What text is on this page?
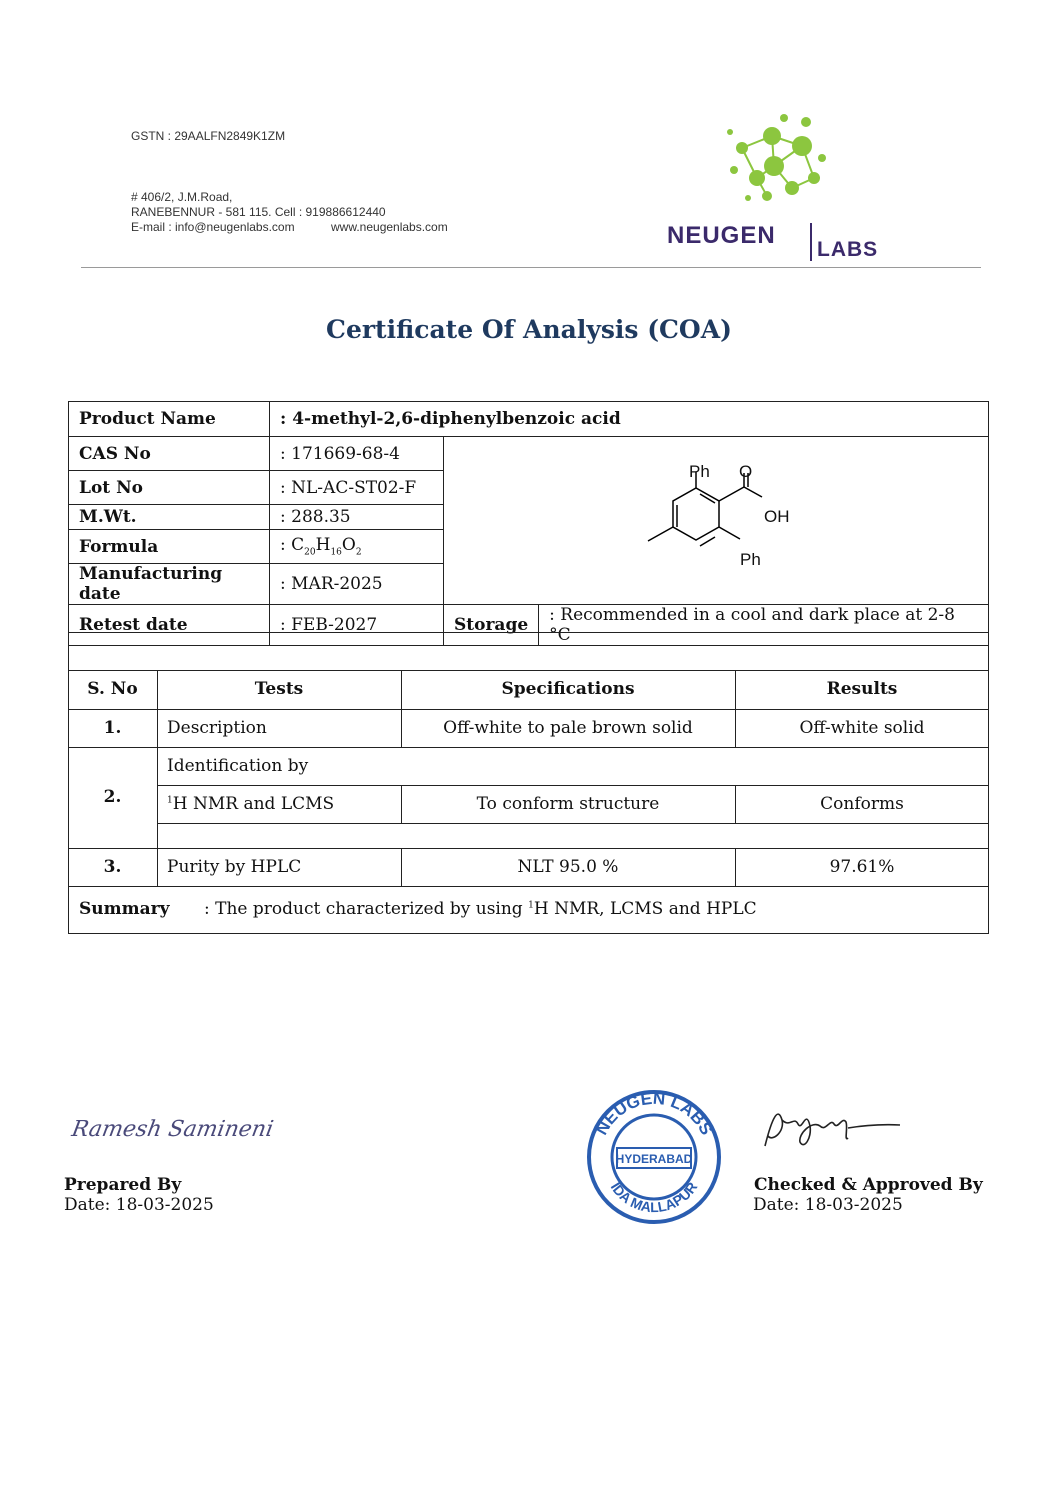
GSTN : 29AALFN2849K1ZM
# 406/2, J.M.Road,
RANEBENNUR - 581 115. Cell : 919886612440
E-mail : info@neugenlabs.com	www.neugenlabs.com	NEUGEN
LABS
Certificate Of Analysis (COA)
Product Name	: 4-methyl-2,6-diphenylbenzoic acid		
CAS No	: 171669-68-4	Ph O
OH
Ph	

Lot No	: NL-AC-ST02-F		
M.Wt.	: 288.35		
Formula	: $C_{20}H_{16}O_2$
Manufacturing date	: MAR-2025		
Retest date	: FEB-2027	Storage	: Recommended in a cool and dark place at 2-8 °C
S. No	Tests	Specifications	Results
1.	Description	Off-white to pale brown solid	Off-white solid
2.
Identification by
$^1$H NMR and LCMS	To conform structure	Conforms
3.	Purity by HPLC	NLT 95.0 %	97.61%
Summary : The product characterized by using $^1$H NMR, LCMS and HPLC
Ramesh Samineni
Prepared By
Date: 18-03-2025
NEUGEN LABS
IDA MALLAPUR
HYDERABAD
Checked & Approved By
Date: 18-03-2025
